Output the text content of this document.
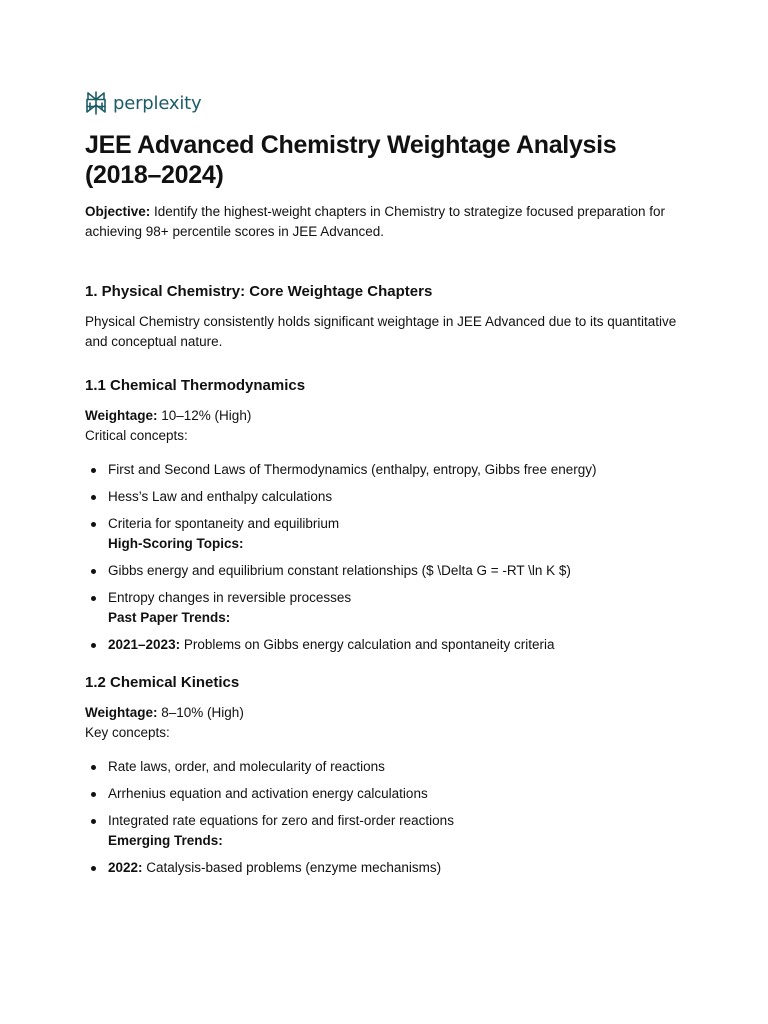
perplexity
JEE Advanced Chemistry Weightage Analysis (2018–2024)

Objective: Identify the highest-weight chapters in Chemistry to strategize focused preparation for achieving 98+ percentile scores in JEE Advanced.

1. Physical Chemistry: Core Weightage Chapters

Physical Chemistry consistently holds significant weightage in JEE Advanced due to its quantitative and conceptual nature.

1.1 Chemical Thermodynamics

Weightage: 10–12% (High)

Critical concepts:

First and Second Laws of Thermodynamics (enthalpy, entropy, Gibbs free energy)
Hess’s Law and enthalpy calculations
Criteria for spontaneity and equilibrium
High-Scoring Topics:
Gibbs energy and equilibrium constant relationships ($ \Delta G = -RT \ln K $)
Entropy changes in reversible processes
Past Paper Trends:
2021–2023: Problems on Gibbs energy calculation and spontaneity criteria
1.2 Chemical Kinetics

Weightage: 8–10% (High)

Key concepts:

Rate laws, order, and molecularity of reactions
Arrhenius equation and activation energy calculations
Integrated rate equations for zero and first-order reactions
Emerging Trends:
2022: Catalysis-based problems (enzyme mechanisms)
